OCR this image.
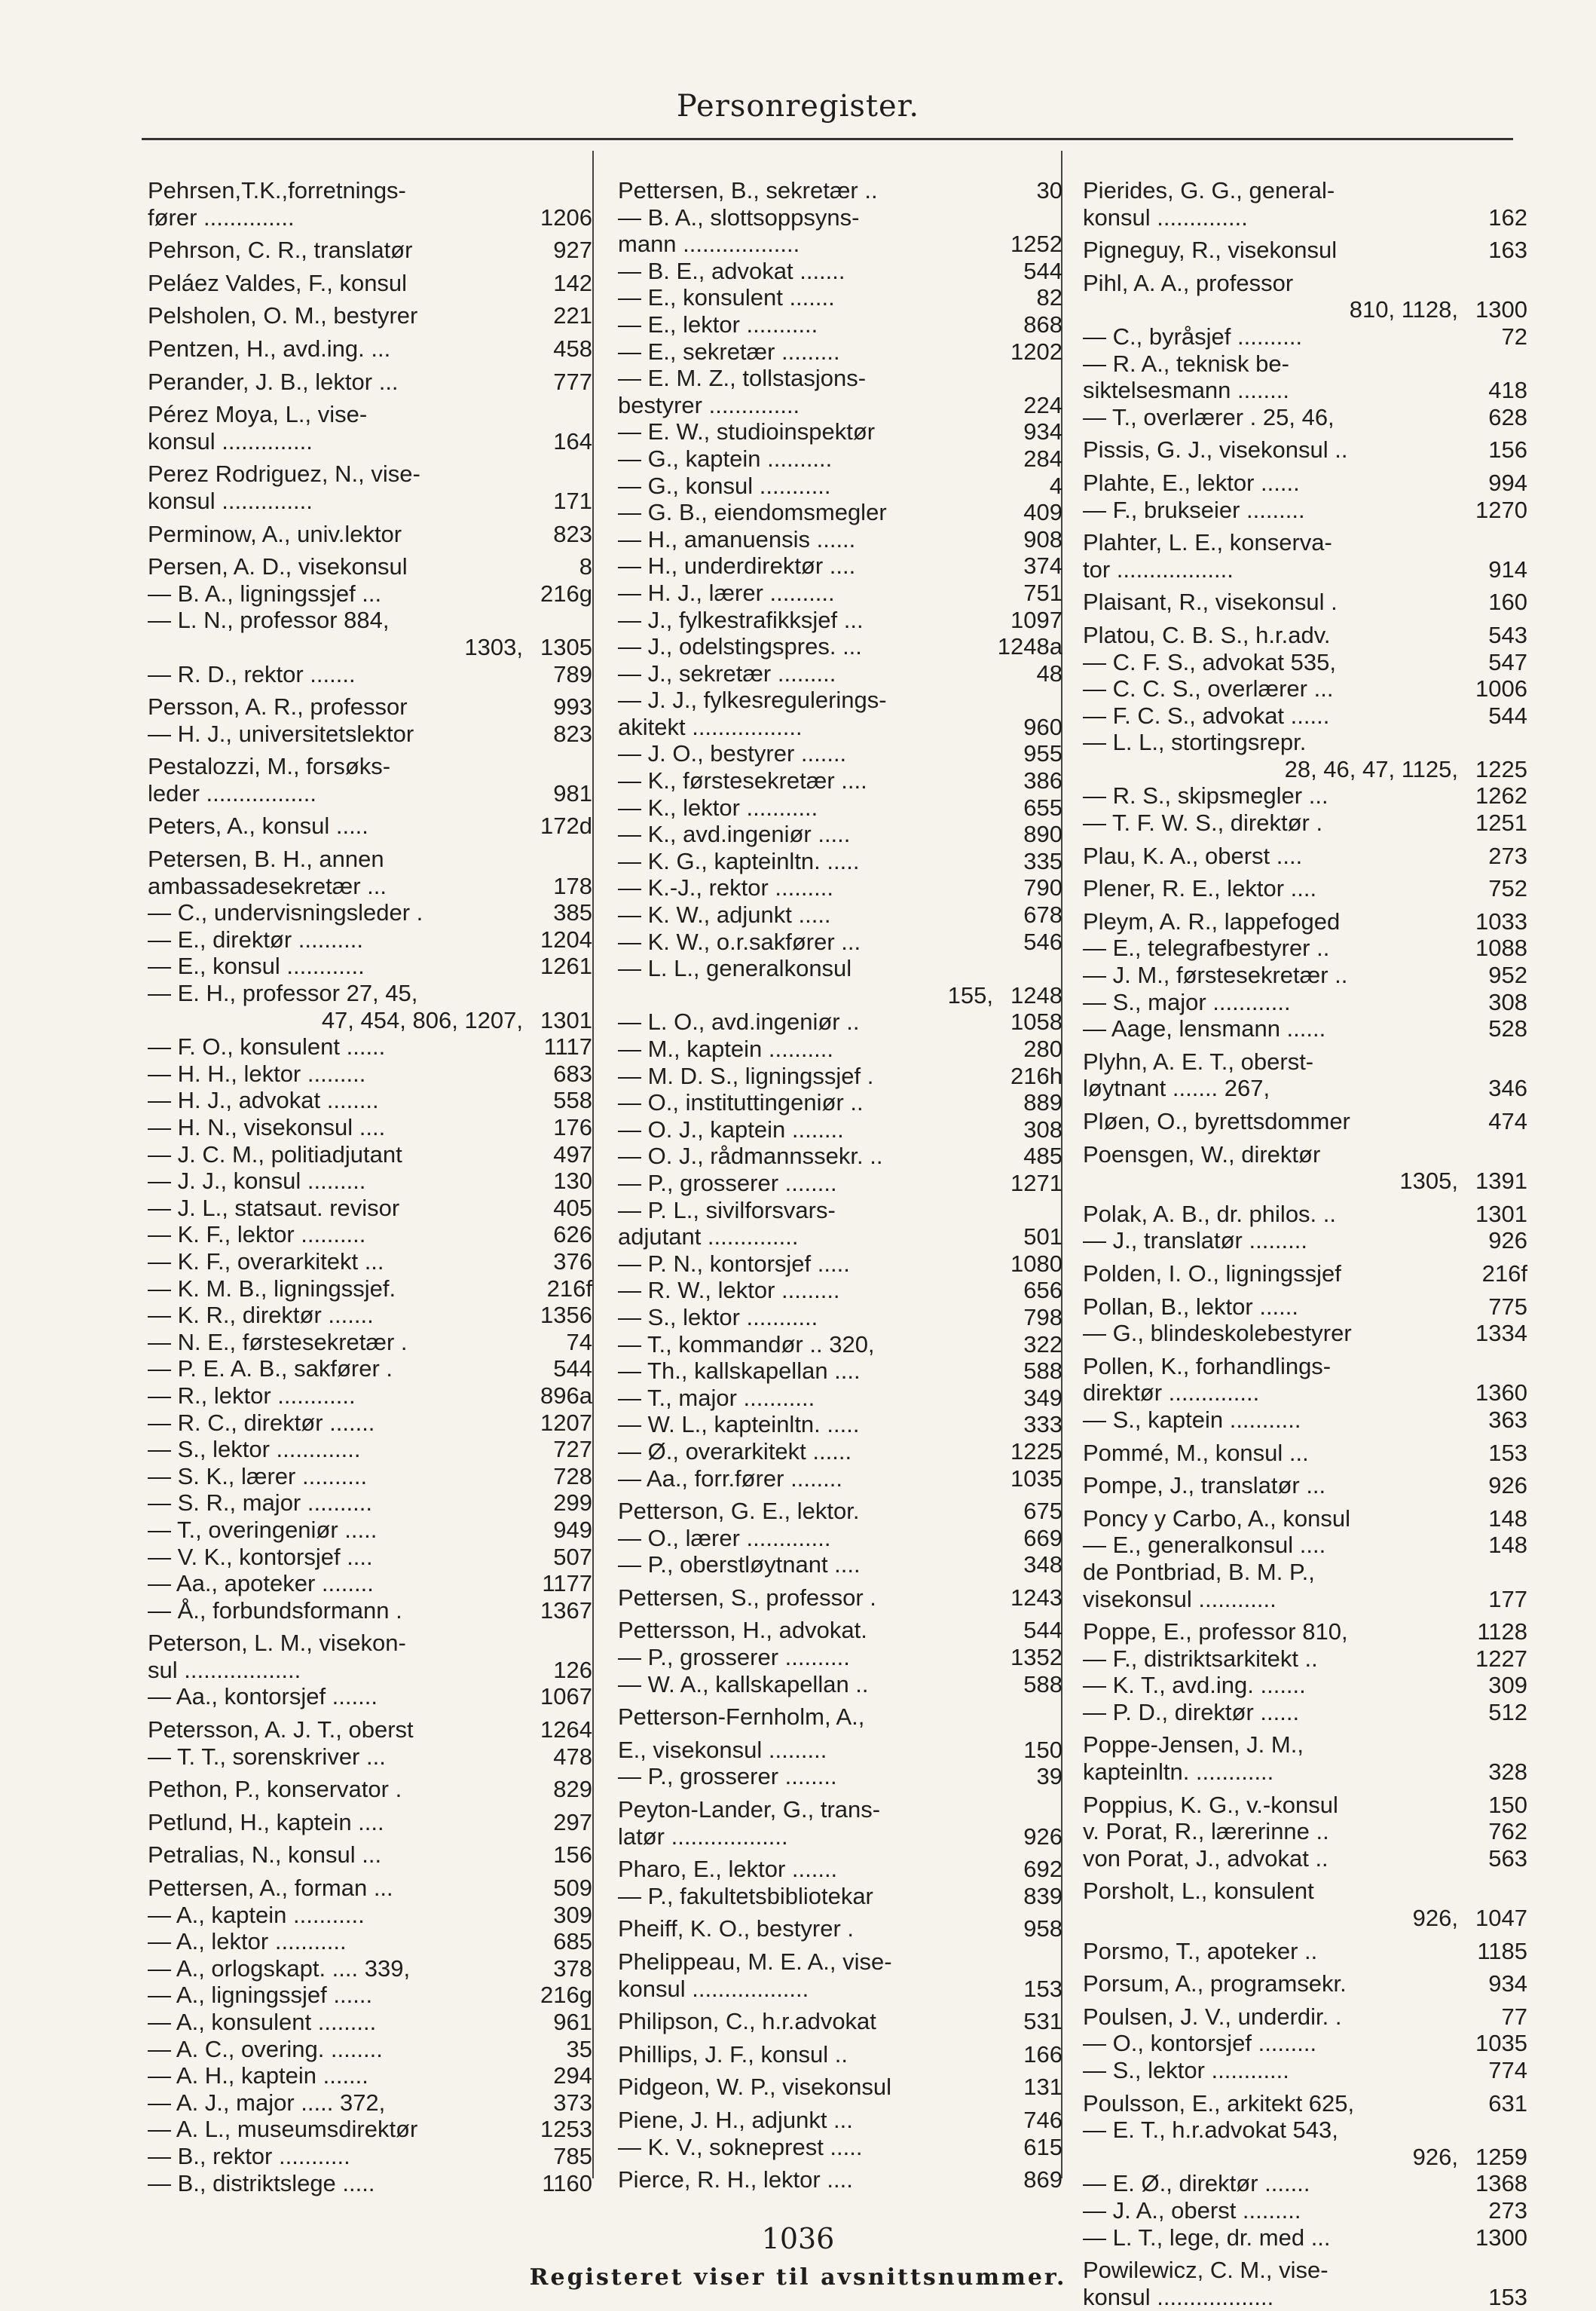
Personregister.
Pehrsen,T.K.,forretnings-
fører ..............	1206
Pehrson, C. R., translatør	927
Peláez Valdes, F., konsul	142
Pelsholen, O. M., bestyrer	221
Pentzen, H., avd.ing. ...	458
Perander, J. B., lektor ...	777
Pérez Moya, L., vise-
konsul ..............	164
Perez Rodriguez, N., vise-
konsul ..............	171
Perminow, A., univ.lektor	823
Persen, A. D., visekonsul	8
— B. A., ligningssjef ...	216g
— L. N., professor 884,
1303, 1305
— R. D., rektor .......	789
Persson, A. R., professor	993
— H. J., universitetslektor	823
Pestalozzi, M., forsøks-
leder .................	981
Peters, A., konsul .....	172d
Petersen, B. H., annen
ambassadesekretær ...	178
— C., undervisningsleder .	385
— E., direktør ..........	1204
— E., konsul ............	1261
— E. H., professor 27, 45,
47, 454, 806, 1207, 1301
— F. O., konsulent ......	1117
— H. H., lektor .........	683
— H. J., advokat ........	558
— H. N., visekonsul ....	176
— J. C. M., politiadjutant	497
— J. J., konsul .........	130
— J. L., statsaut. revisor	405
— K. F., lektor ..........	626
— K. F., overarkitekt ...	376
— K. M. B., ligningssjef.	216f
— K. R., direktør .......	1356
— N. E., førstesekretær .	74
— P. E. A. B., sakfører .	544
— R., lektor ............	896a
— R. C., direktør .......	1207
— S., lektor .............	727
— S. K., lærer ..........	728
— S. R., major ..........	299
— T., overingeniør .....	949
— V. K., kontorsjef ....	507
— Aa., apoteker ........	1177
— Å., forbundsformann .	1367
Peterson, L. M., visekon-
sul ..................	126
— Aa., kontorsjef .......	1067
Petersson, A. J. T., oberst	1264
— T. T., sorenskriver ...	478
Pethon, P., konservator .	829
Petlund, H., kaptein ....	297
Petralias, N., konsul ...	156
Pettersen, A., forman ...	509
— A., kaptein ...........	309
— A., lektor ...........	685
— A., orlogskapt. .... 339,	378
— A., ligningssjef ......	216g
— A., konsulent .........	961
— A. C., overing. ........	35
— A. H., kaptein .......	294
— A. J., major ..... 372,	373
— A. L., museumsdirektør	1253
— B., rektor ...........	785
— B., distriktslege .....	1160
Pettersen, B., sekretær ..	30
— B. A., slottsoppsyns-
mann ..................	1252
— B. E., advokat .......	544
— E., konsulent .......	82
— E., lektor ...........	868
— E., sekretær .........	1202
— E. M. Z., tollstasjons-
bestyrer ..............	224
— E. W., studioinspektør	934
— G., kaptein ..........	284
— G., konsul ...........	4
— G. B., eiendomsmegler	409
— H., amanuensis ......	908
— H., underdirektør ....	374
— H. J., lærer ..........	751
— J., fylkestrafikksjef ...	1097
— J., odelstingspres. ...	1248a
— J., sekretær .........	48
— J. J., fylkesregulerings-
akitekt .................	960
— J. O., bestyrer .......	955
— K., førstesekretær ....	386
— K., lektor ...........	655
— K., avd.ingeniør .....	890
— K. G., kapteinltn. .....	335
— K.-J., rektor .........	790
— K. W., adjunkt .....	678
— K. W., o.r.sakfører ...	546
— L. L., generalkonsul
155, 1248
— L. O., avd.ingeniør ..	1058
— M., kaptein ..........	280
— M. D. S., ligningssjef .	216h
— O., instituttingeniør ..	889
— O. J., kaptein ........	308
— O. J., rådmannssekr. ..	485
— P., grosserer ........	1271
— P. L., sivilforsvars-
adjutant ..............	501
— P. N., kontorsjef .....	1080
— R. W., lektor .........	656
— S., lektor ...........	798
— T., kommandør .. 320,	322
— Th., kallskapellan ....	588
— T., major ...........	349
— W. L., kapteinltn. .....	333
— Ø., overarkitekt ......	1225
— Aa., forr.fører ........	1035
Petterson, G. E., lektor.	675
— O., lærer .............	669
— P., oberstløytnant ....	348
Pettersen, S., professor .	1243
Pettersson, H., advokat.	544
— P., grosserer ..........	1352
— W. A., kallskapellan ..	588
Petterson-Fernholm, A.,
E., visekonsul .........	150
— P., grosserer ........	39
Peyton-Lander, G., trans-
latør ..................	926
Pharo, E., lektor .......	692
— P., fakultetsbibliotekar	839
Pheiff, K. O., bestyrer .	958
Phelippeau, M. E. A., vise-
konsul ..................	153
Philipson, C., h.r.advokat	531
Phillips, J. F., konsul ..	166
Pidgeon, W. P., visekonsul	131
Piene, J. H., adjunkt ...	746
— K. V., sokneprest .....	615
Pierce, R. H., lektor ....	869
Pierides, G. G., general-
konsul ..............	162
Pigneguy, R., visekonsul	163
Pihl, A. A., professor
810, 1128, 1300
— C., byråsjef ..........	72
— R. A., teknisk be-
siktelsesmann ........	418
— T., overlærer . 25, 46,	628
Pissis, G. J., visekonsul ..	156
Plahte, E., lektor ......	994
— F., brukseier .........	1270
Plahter, L. E., konserva-
tor ..................	914
Plaisant, R., visekonsul .	160
Platou, C. B. S., h.r.adv.	543
— C. F. S., advokat 535,	547
— C. C. S., overlærer ...	1006
— F. C. S., advokat ......	544
— L. L., stortingsrepr.
28, 46, 47, 1125, 1225
— R. S., skipsmegler ...	1262
— T. F. W. S., direktør .	1251
Plau, K. A., oberst ....	273
Plener, R. E., lektor ....	752
Pleym, A. R., lappefoged	1033
— E., telegrafbestyrer ..	1088
— J. M., førstesekretær ..	952
— S., major ............	308
— Aage, lensmann ......	528
Plyhn, A. E. T., oberst-
løytnant ....... 267,	346
Pløen, O., byrettsdommer	474
Poensgen, W., direktør
1305, 1391
Polak, A. B., dr. philos. ..	1301
— J., translatør .........	926
Polden, I. O., ligningssjef	216f
Pollan, B., lektor ......	775
— G., blindeskolebestyrer	1334
Pollen, K., forhandlings-
direktør ..............	1360
— S., kaptein ...........	363
Pommé, M., konsul ...	153
Pompe, J., translatør ...	926
Poncy y Carbo, A., konsul	148
— E., generalkonsul ....	148
de Pontbriad, B. M. P.,
visekonsul ............	177
Poppe, E., professor 810,	1128
— F., distriktsarkitekt ..	1227
— K. T., avd.ing. .......	309
— P. D., direktør ......	512
Poppe-Jensen, J. M.,
kapteinltn. ............	328
Poppius, K. G., v.-konsul	150
v. Porat, R., lærerinne ..	762
von Porat, J., advokat ..	563
Porsholt, L., konsulent
926, 1047
Porsmo, T., apoteker ..	1185
Porsum, A., programsekr.	934
Poulsen, J. V., underdir. .	77
— O., kontorsjef .........	1035
— S., lektor ............	774
Poulsson, E., arkitekt 625,	631
— E. T., h.r.advokat 543,
926, 1259
— E. Ø., direktør .......	1368
— J. A., oberst .........	273
— L. T., lege, dr. med ...	1300
Powilewicz, C. M., vise-
konsul ..................	153
1036
Registeret viser til avsnittsnummer.
